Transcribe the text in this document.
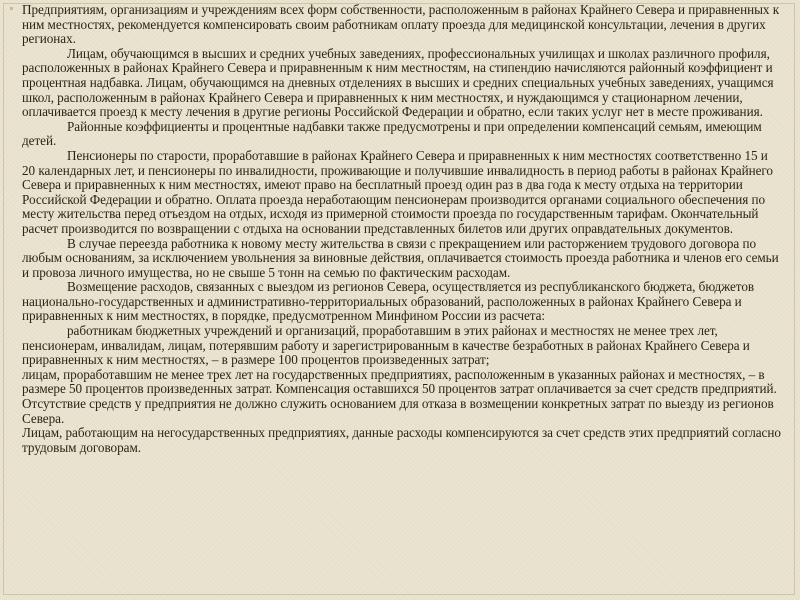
Предприятиям, организациям и учреждениям всех форм собственности, расположенным в районах Крайнего Севера и приравненных к ним местностях, рекомендуется компенсировать своим работникам оплату проезда для медицинской консультации, лечения в других регионах.

Лицам, обучающимся в высших и средних учебных заведениях, профессиональных училищах и школах различного профиля, расположенных в районах Крайнего Севера и приравненным к ним местностям, на стипендию начисляются районный коэффициент и процентная надбавка. Лицам, обучающимся на дневных отделениях в высших и средних специальных учебных заведениях, учащимся школ, расположенным в районах Крайнего Севера и приравненных к ним местностях, и нуждающимся у стационарном лечении, оплачивается проезд к месту лечения в другие регионы Российской Федерации и обратно, если таких услуг нет в месте проживания.

Районные коэффициенты и процентные надбавки также предусмотрены и при определении компенсаций семьям, имеющим детей.

Пенсионеры по старости, проработавшие в районах Крайнего Севера и приравненных к ним местностях соответственно 15 и 20 календарных лет, и пенсионеры по инвалидности, проживающие и получившие инвалидность в период работы в районах Крайнего Севера и приравненных к ним местностях, имеют право на бесплатный проезд один раз в два года к месту отдыха на территории Российской Федерации и обратно. Оплата проезда неработающим пенсионерам производится органами социального обеспечения по месту жительства перед отъездом на отдых, исходя из примерной стоимости проезда по государственным тарифам. Окончательный расчет производится по возвращении с отдыха на основании представленных билетов или других оправдательных документов.

В случае переезда работника к новому месту жительства в связи с прекращением или расторжением трудового договора по любым основаниям, за исключением увольнения за виновные действия, оплачивается стоимость проезда работника и членов его семьи и провоза личного имущества, но не свыше 5 тонн на семью по фактическим расходам.

Возмещение расходов, связанных с выездом из регионов Севера, осуществляется из республиканского бюджета, бюджетов национально-государственных и административно-территориальных образований, расположенных в районах Крайнего Севера и приравненных к ним местностях, в порядке, предусмотренном Минфином России из расчета:

работникам бюджетных учреждений и организаций, проработавшим в этих районах и местностях не менее трех лет, пенсионерам, инвалидам, лицам, потерявшим работу и зарегистрированным в качестве безработных в районах Крайнего Севера и приравненных к ним местностях, – в размере 100 процентов произведенных затрат;

лицам, проработавшим не менее трех лет на государственных предприятиях, расположенным в указанных районах и местностях, – в размере 50 процентов произведенных затрат. Компенсация оставшихся 50 процентов затрат оплачивается за счет средств предприятий. Отсутствие средств у предприятия не должно служить основанием для отказа в возмещении конкретных затрат по выезду из регионов Севера.

Лицам, работающим на негосударственных предприятиях, данные расходы компенсируются за счет средств этих предприятий согласно трудовым договорам.
